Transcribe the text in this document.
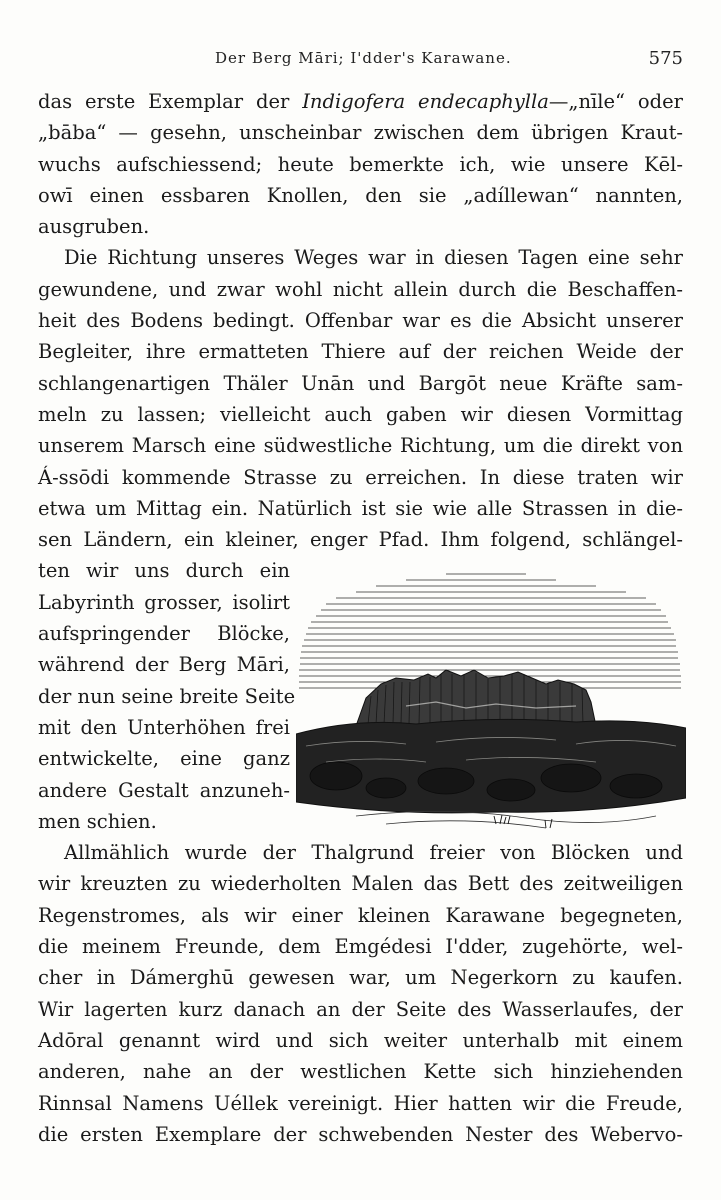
Der Berg Māri; I'dder's Karawane.	575
das erste Exemplar der Indigofera endecaphylla—„nīle“ oder
„bāba“ — gesehn, unscheinbar zwischen dem übrigen Kraut-
wuchs aufschiessend; heute bemerkte ich, wie unsere Kēl-
owī einen essbaren Knollen, den sie „adíllewan“ nannten,
ausgruben.
Die Richtung unseres Weges war in diesen Tagen eine sehr
gewundene, und zwar wohl nicht allein durch die Beschaffen-
heit des Bodens bedingt. Offenbar war es die Absicht unserer
Begleiter, ihre ermatteten Thiere auf der reichen Weide der
schlangenartigen Thäler Unān und Bargōt neue Kräfte sam-
meln zu lassen; vielleicht auch gaben wir diesen Vormittag
unserem Marsch eine südwestliche Richtung, um die direkt von
Á-ssōdi kommende Strasse zu erreichen. In diese traten wir
etwa um Mittag ein. Natürlich ist sie wie alle Strassen in die-
sen Ländern, ein kleiner, enger Pfad. Ihm folgend, schlängel-
ten wir uns durch ein
Labyrinth grosser, isolirt
aufspringender Blöcke,
während der Berg Māri,
der nun seine breite Seite
mit den Unterhöhen frei
entwickelte, eine ganz
andere Gestalt anzuneh-
men schien.
Allmählich wurde der Thalgrund freier von Blöcken und
wir kreuzten zu wiederholten Malen das Bett des zeitweiligen
Regenstromes, als wir einer kleinen Karawane begegneten,
die meinem Freunde, dem Emgédesi I'dder, zugehörte, wel-
cher in Dámerghū gewesen war, um Negerkorn zu kaufen.
Wir lagerten kurz danach an der Seite des Wasserlaufes, der
Adōral genannt wird und sich weiter unterhalb mit einem
anderen, nahe an der westlichen Kette sich hinziehenden
Rinnsal Namens Uéllek vereinigt. Hier hatten wir die Freude,
die ersten Exemplare der schwebenden Nester des Webervo-
